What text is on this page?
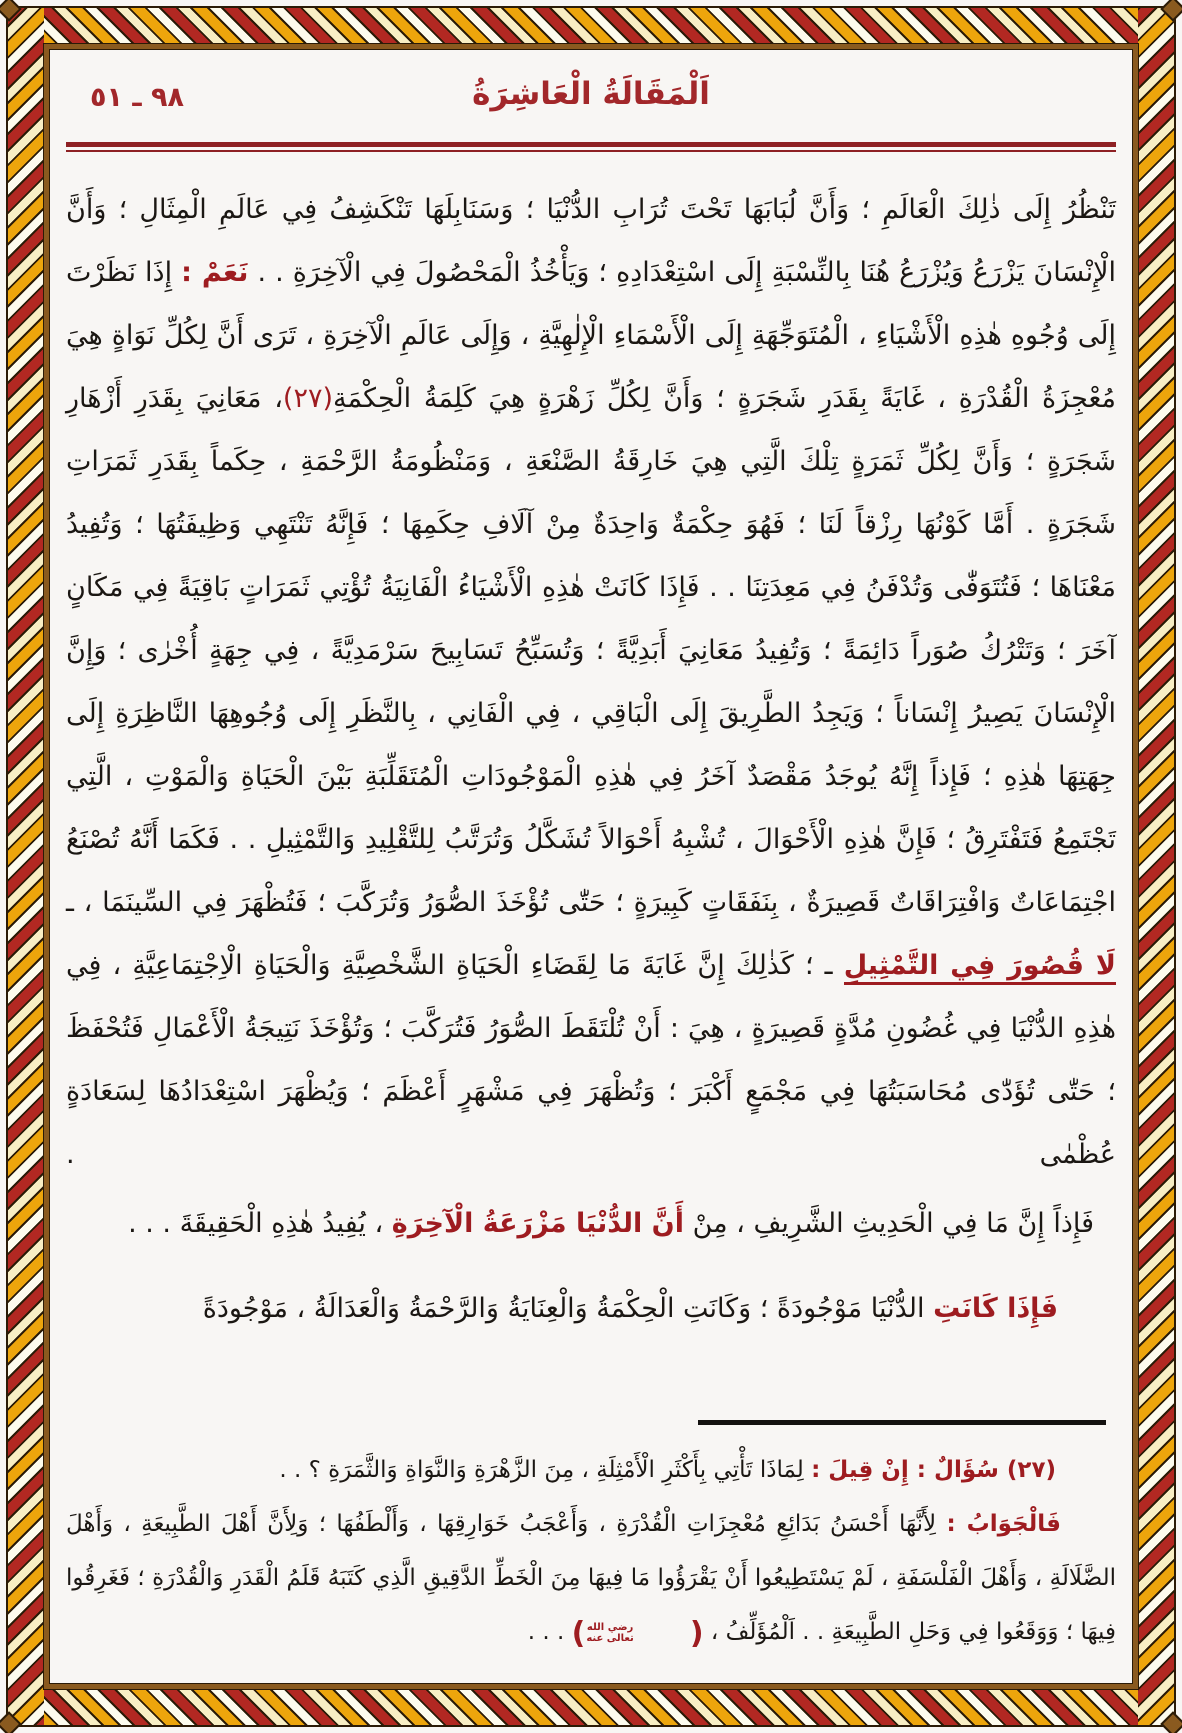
اَلْمَقَالَةُ الْعَاشِرَةُ
٩٨ ـ ٥١

تَنْظُرُ إِلَى ذٰلِكَ الْعَالَمِ ؛ وَأَنَّ لُبَابَهَا تَحْتَ تُرَابِ الدُّنْيَا ؛ وَسَنَابِلَهَا تَنْكَشِفُ فِي عَالَمِ الْمِثَالِ ؛ وَأَنَّ الْإِنْسَانَ يَزْرَعُ وَيُزْرَعُ هُنَا بِالنِّسْبَةِ إِلَى اسْتِعْدَادِهِ ؛ وَيَأْخُذُ الْمَحْصُولَ فِي الْآخِرَةِ . . نَعَمْ : إِذَا نَظَرْتَ إِلَى وُجُوهِ هٰذِهِ الْأَشْيَاءِ ، الْمُتَوَجِّهَةِ إِلَى الْأَسْمَاءِ الْإِلٰهِيَّةِ ، وَإِلَى عَالَمِ الْآخِرَةِ ، تَرَى أَنَّ لِكُلِّ نَوَاةٍ هِيَ مُعْجِزَةُ الْقُدْرَةِ ، غَايَةً بِقَدَرِ شَجَرَةٍ ؛ وَأَنَّ لِكُلِّ زَهْرَةٍ هِيَ كَلِمَةُ الْحِكْمَةِ(٢٧)، مَعَانِيَ بِقَدَرِ أَزْهَارِ شَجَرَةٍ ؛ وَأَنَّ لِكُلِّ ثَمَرَةٍ تِلْكَ الَّتِي هِيَ خَارِقَةُ الصَّنْعَةِ ، وَمَنْظُومَةُ الرَّحْمَةِ ، حِكَماً بِقَدَرِ ثَمَرَاتِ شَجَرَةٍ . أَمَّا كَوْنُهَا رِزْقاً لَنَا ؛ فَهُوَ حِكْمَةٌ وَاحِدَةٌ مِنْ آلَافِ حِكَمِهَا ؛ فَإِنَّهُ تَنْتَهِي وَظِيفَتُهَا ؛ وَتُفِيدُ مَعْنَاهَا ؛ فَتُتَوَفّٰى وَتُدْفَنُ فِي مَعِدَتِنَا . . فَإِذَا كَانَتْ هٰذِهِ الْأَشْيَاءُ الْفَانِيَةُ تُؤْتِي ثَمَرَاتٍ بَاقِيَةً فِي مَكَانٍ آخَرَ ؛ وَتَتْرُكُ صُوَراً دَائِمَةً ؛ وَتُفِيدُ مَعَانِيَ أَبَدِيَّةً ؛ وَتُسَبِّحُ تَسَابِيحَ سَرْمَدِيَّةً ، فِي جِهَةٍ أُخْرٰى ؛ وَإِنَّ الْإِنْسَانَ يَصِيرُ إِنْسَاناً ؛ وَيَجِدُ الطَّرِيقَ إِلَى الْبَاقِي ، فِي الْفَانِي ، بِالنَّظَرِ إِلَى وُجُوهِهَا النَّاظِرَةِ إِلَى جِهَتِهَا هٰذِهِ ؛ فَإِذاً إِنَّهُ يُوجَدُ مَقْصَدٌ آخَرُ فِي هٰذِهِ الْمَوْجُودَاتِ الْمُتَقَلِّبَةِ بَيْنَ الْحَيَاةِ وَالْمَوْتِ ، الَّتِي تَجْتَمِعُ فَتَفْتَرِقُ ؛ فَإِنَّ هٰذِهِ الْأَحْوَالَ ، تُشْبِهُ أَحْوَالاً تُشَكَّلُ وَتُرَتَّبُ لِلتَّقْلِيدِ وَالتَّمْثِيلِ . . فَكَمَا أَنَّهُ تُصْنَعُ اجْتِمَاعَاتٌ وَافْتِرَاقَاتٌ قَصِيرَةٌ ، بِنَفَقَاتٍ كَبِيرَةٍ ؛ حَتّٰى تُؤْخَذَ الصُّوَرُ وَتُرَكَّبَ ؛ فَتُظْهَرَ فِي السِّينَمَا ، ـ لَا قُصُورَ فِي التَّمْثِيلِ ـ ؛ كَذٰلِكَ إِنَّ غَايَةَ مَا لِقَضَاءِ الْحَيَاةِ الشَّخْصِيَّةِ وَالْحَيَاةِ الْاِجْتِمَاعِيَّةِ ، فِي هٰذِهِ الدُّنْيَا فِي غُضُونِ مُدَّةٍ قَصِيرَةٍ ، هِيَ : أَنْ تُلْتَقَطَ الصُّوَرُ فَتُرَكَّبَ ؛ وَتُؤْخَذَ نَتِيجَةُ الْأَعْمَالِ فَتُحْفَظَ ؛ حَتّٰى تُؤَدّٰى مُحَاسَبَتُهَا فِي مَجْمَعٍ أَكْبَرَ ؛ وَتُظْهَرَ فِي مَشْهَرٍ أَعْظَمَ ؛ وَيُظْهَرَ اسْتِعْدَادُهَا لِسَعَادَةٍ عُظْمٰى .

فَإِذاً إِنَّ مَا فِي الْحَدِيثِ الشَّرِيفِ ، مِنْ أَنَّ الدُّنْيَا مَزْرَعَةُ الْآخِرَةِ ، يُفِيدُ هٰذِهِ الْحَقِيقَةَ . . .

فَإِذَا كَانَتِ الدُّنْيَا مَوْجُودَةً ؛ وَكَانَتِ الْحِكْمَةُ وَالْعِنَايَةُ وَالرَّحْمَةُ وَالْعَدَالَةُ ، مَوْجُودَةً

(٢٧) سُؤَالٌ : إِنْ قِيلَ : لِمَاذَا تَأْتِي بِأَكْثَرِ الْأَمْثِلَةِ ، مِنَ الزَّهْرَةِ وَالنَّوَاةِ وَالثَّمَرَةِ ؟ . .

فَالْجَوَابُ : لِأَنَّهَا أَحْسَنُ بَدَائِعِ مُعْجِزَاتِ الْقُدْرَةِ ، وَأَعْجَبُ خَوَارِقِهَا ، وَأَلْطَفُهَا ؛ وَلِأَنَّ أَهْلَ الطَّبِيعَةِ ، وَأَهْلَ الضَّلَالَةِ ، وَأَهْلَ الْفَلْسَفَةِ ، لَمْ يَسْتَطِيعُوا أَنْ يَقْرَؤُوا مَا فِيهَا مِنَ الْخَطِّ الدَّقِيقِ الَّذِي كَتَبَهُ قَلَمُ الْقَدَرِ وَالْقُدْرَةِ ؛ فَغَرِقُوا فِيهَا ؛ وَوَقَعُوا فِي وَحَلِ الطَّبِيعَةِ . . اَلْمُؤَلِّفُ ، (
رضي الله
تعالى عنه
) . . .
